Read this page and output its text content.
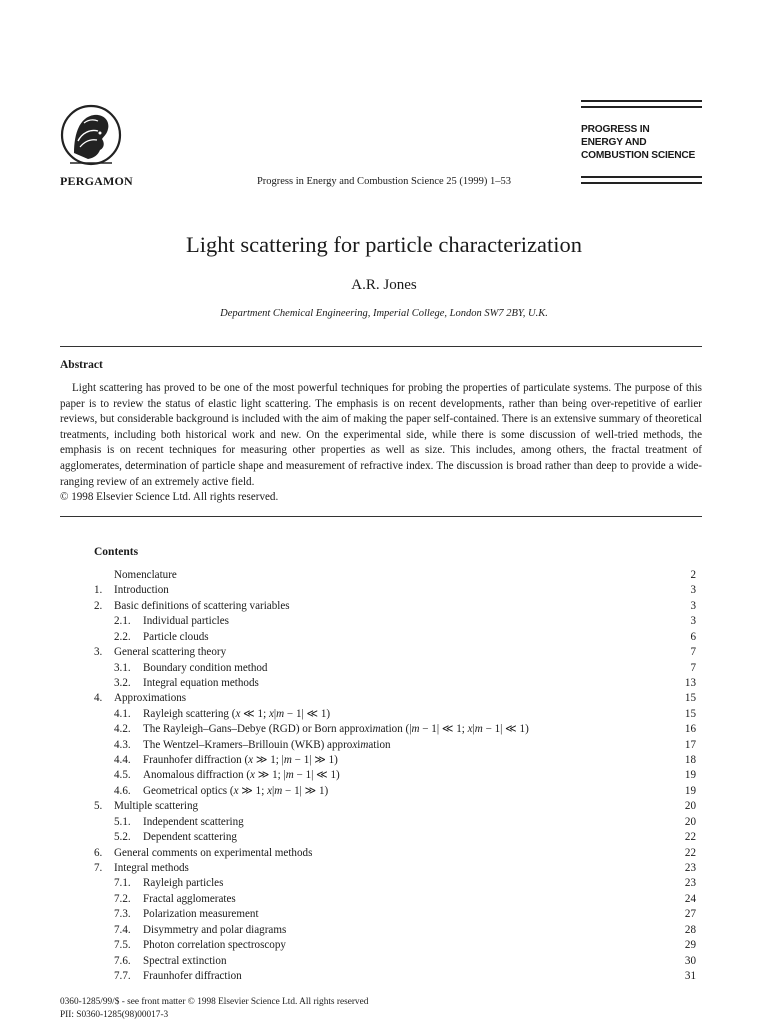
PERGAMON	Progress in Energy and Combustion Science 25 (1999) 1–53
PROGRESS IN
ENERGY AND
COMBUSTION SCIENCE
Light scattering for particle characterization
A.R. Jones
Department Chemical Engineering, Imperial College, London SW7 2BY, U.K.
Abstract

Light scattering has proved to be one of the most powerful techniques for probing the properties of particulate systems. The purpose of this paper is to review the status of elastic light scattering. The emphasis is on recent developments, rather than being over-repetitive of earlier reviews, but considerable background is included with the aim of making the paper self-contained. There is an extensive summary of theoretical treatments, including both historical work and new. On the experimental side, while there is some discussion of well-tried methods, the emphasis is on recent techniques for measuring other properties as well as size. This includes, among others, the fractal treatment of agglomerates, determination of particle shape and measurement of refractive index. The discussion is broad rather than deep to provide a wide-ranging review of an extremely active field.

© 1998 Elsevier Science Ltd. All rights reserved.

Contents
Nomenclature	2
1. Introduction	3
2. Basic definitions of scattering variables	3
2.1. Individual particles	3
2.2. Particle clouds	6
3. General scattering theory	7
3.1. Boundary condition method	7
3.2. Integral equation methods	13
4. Approximations	15
4.1. Rayleigh scattering (x ≪ 1; x|m − 1| ≪ 1)	15
4.2. The Rayleigh–Gans–Debye (RGD) or Born approximation (|m − 1| ≪ 1; x|m − 1| ≪ 1)	16
4.3. The Wentzel–Kramers–Brillouin (WKB) approximation	17
4.4. Fraunhofer diffraction (x ≫ 1; |m − 1| ≫ 1)	18
4.5. Anomalous diffraction (x ≫ 1; |m − 1| ≪ 1)	19
4.6. Geometrical optics (x ≫ 1; x|m − 1| ≫ 1)	19
5. Multiple scattering	20
5.1. Independent scattering	20
5.2. Dependent scattering	22
6. General comments on experimental methods	22
7. Integral methods	23
7.1. Rayleigh particles	23
7.2. Fractal agglomerates	24
7.3. Polarization measurement	27
7.4. Disymmetry and polar diagrams	28
7.5. Photon correlation spectroscopy	29
7.6. Spectral extinction	30
7.7. Fraunhofer diffraction	31
0360-1285/99/$ - see front matter © 1998 Elsevier Science Ltd. All rights reserved
PII: S0360-1285(98)00017-3
